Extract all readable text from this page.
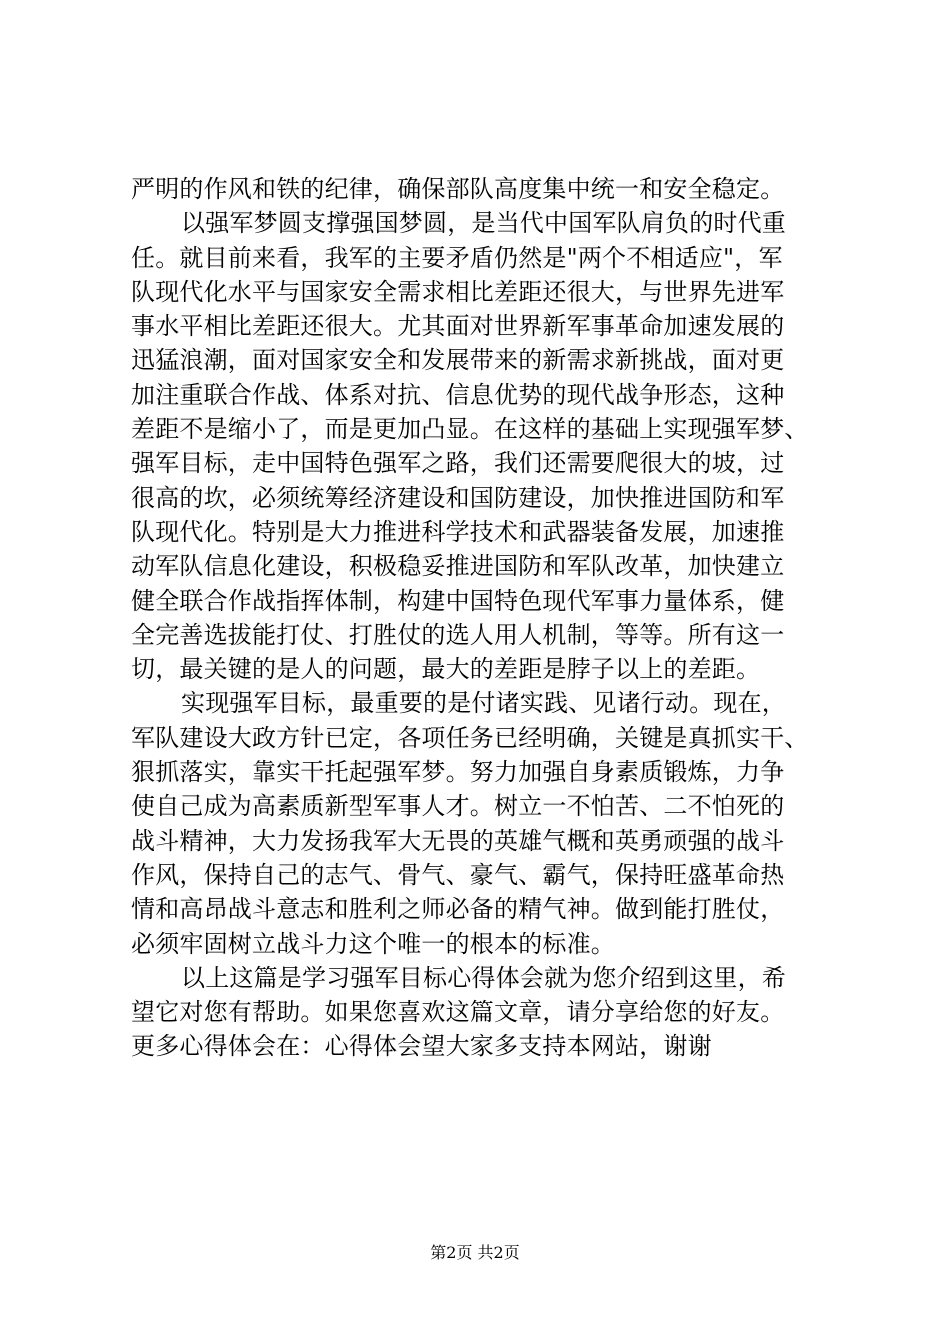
严明的作风和铁的纪律，确保部队高度集中统一和安全稳定。
以强军梦圆支撑强国梦圆，是当代中国军队肩负的时代重
任。就目前来看，我军的主要矛盾仍然是"两个不相适应"，军
队现代化水平与国家安全需求相比差距还很大，与世界先进军
事水平相比差距还很大。尤其面对世界新军事革命加速发展的
迅猛浪潮，面对国家安全和发展带来的新需求新挑战，面对更
加注重联合作战、体系对抗、信息优势的现代战争形态，这种
差距不是缩小了，而是更加凸显。在这样的基础上实现强军梦、
强军目标，走中国特色强军之路，我们还需要爬很大的坡，过
很高的坎，必须统筹经济建设和国防建设，加快推进国防和军
队现代化。特别是大力推进科学技术和武器装备发展，加速推
动军队信息化建设，积极稳妥推进国防和军队改革，加快建立
健全联合作战指挥体制，构建中国特色现代军事力量体系，健
全完善选拔能打仗、打胜仗的选人用人机制，等等。所有这一
切，最关键的是人的问题，最大的差距是脖子以上的差距。
实现强军目标，最重要的是付诸实践、见诸行动。现在，
军队建设大政方针已定，各项任务已经明确，关键是真抓实干、
狠抓落实，靠实干托起强军梦。努力加强自身素质锻炼，力争
使自己成为高素质新型军事人才。树立一不怕苦、二不怕死的
战斗精神，大力发扬我军大无畏的英雄气概和英勇顽强的战斗
作风，保持自己的志气、骨气、豪气、霸气，保持旺盛革命热
情和高昂战斗意志和胜利之师必备的精气神。做到能打胜仗，
必须牢固树立战斗力这个唯一的根本的标准。
以上这篇是学习强军目标心得体会就为您介绍到这里，希
望它对您有帮助。如果您喜欢这篇文章，请分享给您的好友。
更多心得体会在：心得体会望大家多支持本网站，谢谢
第2页 共2页
